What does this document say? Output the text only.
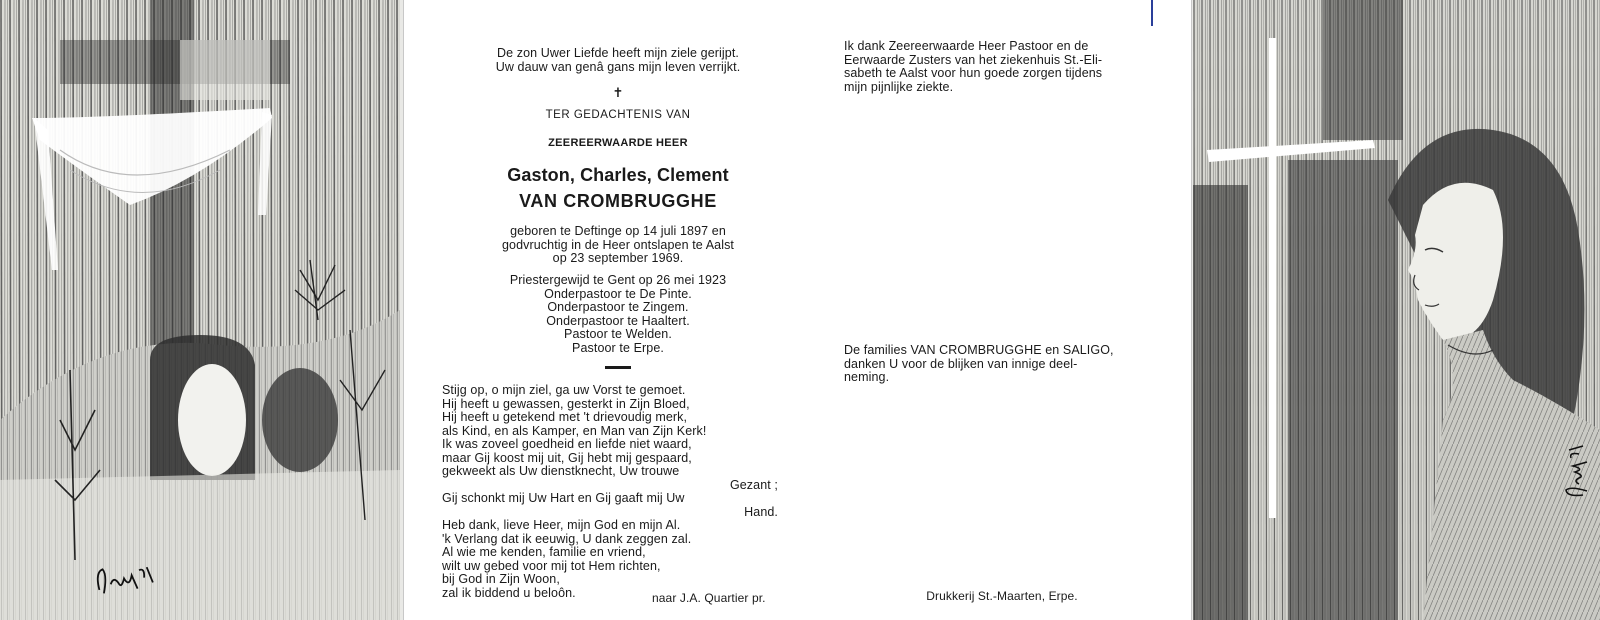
De zon Uwer Liefde heeft mijn ziele gerijpt.
Uw dauw van genâ gans mijn leven verrijkt.
✝
TER GEDACHTENIS VAN
ZEEREERWAARDE HEER
Gaston, Charles, Clement
VAN CROMBRUGGHE
geboren te Deftinge op 14 juli 1897 en
godvruchtig in de Heer ontslapen te Aalst
op 23 september 1969.
Priestergewijd te Gent op 26 mei 1923
Onderpastoor te De Pinte.
Onderpastoor te Zingem.
Onderpastoor te Haaltert.
Pastoor te Welden.
Pastoor te Erpe.
Stijg op, o mijn ziel, ga uw Vorst te gemoet.
Hij heeft u gewassen, gesterkt in Zijn Bloed,
Hij heeft u getekend met 't drievoudig merk,
als Kind, en als Kamper, en Man van Zijn Kerk!
Ik was zoveel goedheid en liefde niet waard,
maar Gij koost mij uit, Gij hebt mij gespaard,
gekweekt als Uw dienstknecht, Uw trouwe
Gezant ;
Gij schonkt mij Uw Hart en Gij gaaft mij Uw
Hand.
Heb dank, lieve Heer, mijn God en mijn Al.
'k Verlang dat ik eeuwig, U dank zeggen zal.
Al wie me kenden, familie en vriend,
wilt uw gebed voor mij tot Hem richten,
bij God in Zijn Woon,
zal ik biddend u beloôn.	naar J.A. Quartier pr.
Ik dank Zeereerwaarde Heer Pastoor en de
Eerwaarde Zusters van het ziekenhuis St.-Eli-
sabeth te Aalst voor hun goede zorgen tijdens
mijn pijnlijke ziekte.
De families VAN CROMBRUGGHE en SALIGO,
danken U voor de blijken van innige deel-
neming.
Drukkerij St.-Maarten, Erpe.
